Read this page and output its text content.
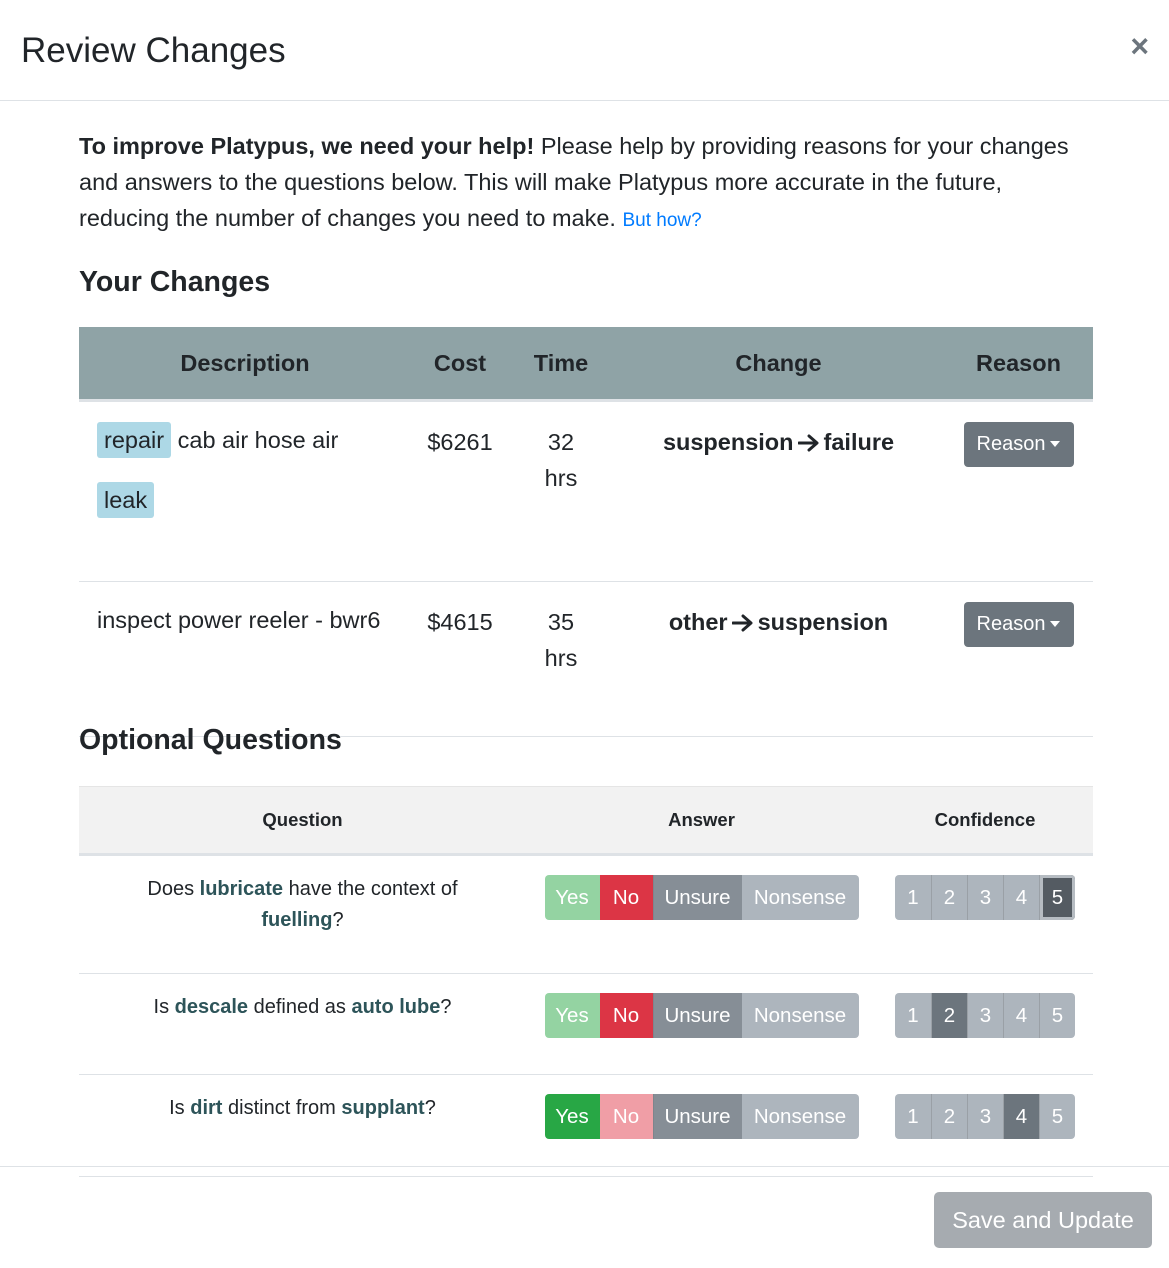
Review Changes	×

To improve Platypus, we need your help! Please help by providing reasons for your changes and answers to the questions below. This will make Platypus more accurate in the future, reducing the number of changes you need to make. But how?

Your Changes
Description	Cost	Time	Change	Reason

repair cab air hose air
leak	$6261	32 hrs	suspension failure	Reason

inspect power reeler - bwr6	$4615	35 hrs	other suspension	Reason
Optional Questions
Question	Answer	Confidence

Does lubricate have the context of fuelling?	Yes No Unsure Nonsense	1 2 3 4 5

Is descale defined as auto lube?	Yes No Unsure Nonsense	1 2 3 4 5

Is dirt distinct from supplant?	Yes No Unsure Nonsense	1 2 3 4 5
Save and Update
